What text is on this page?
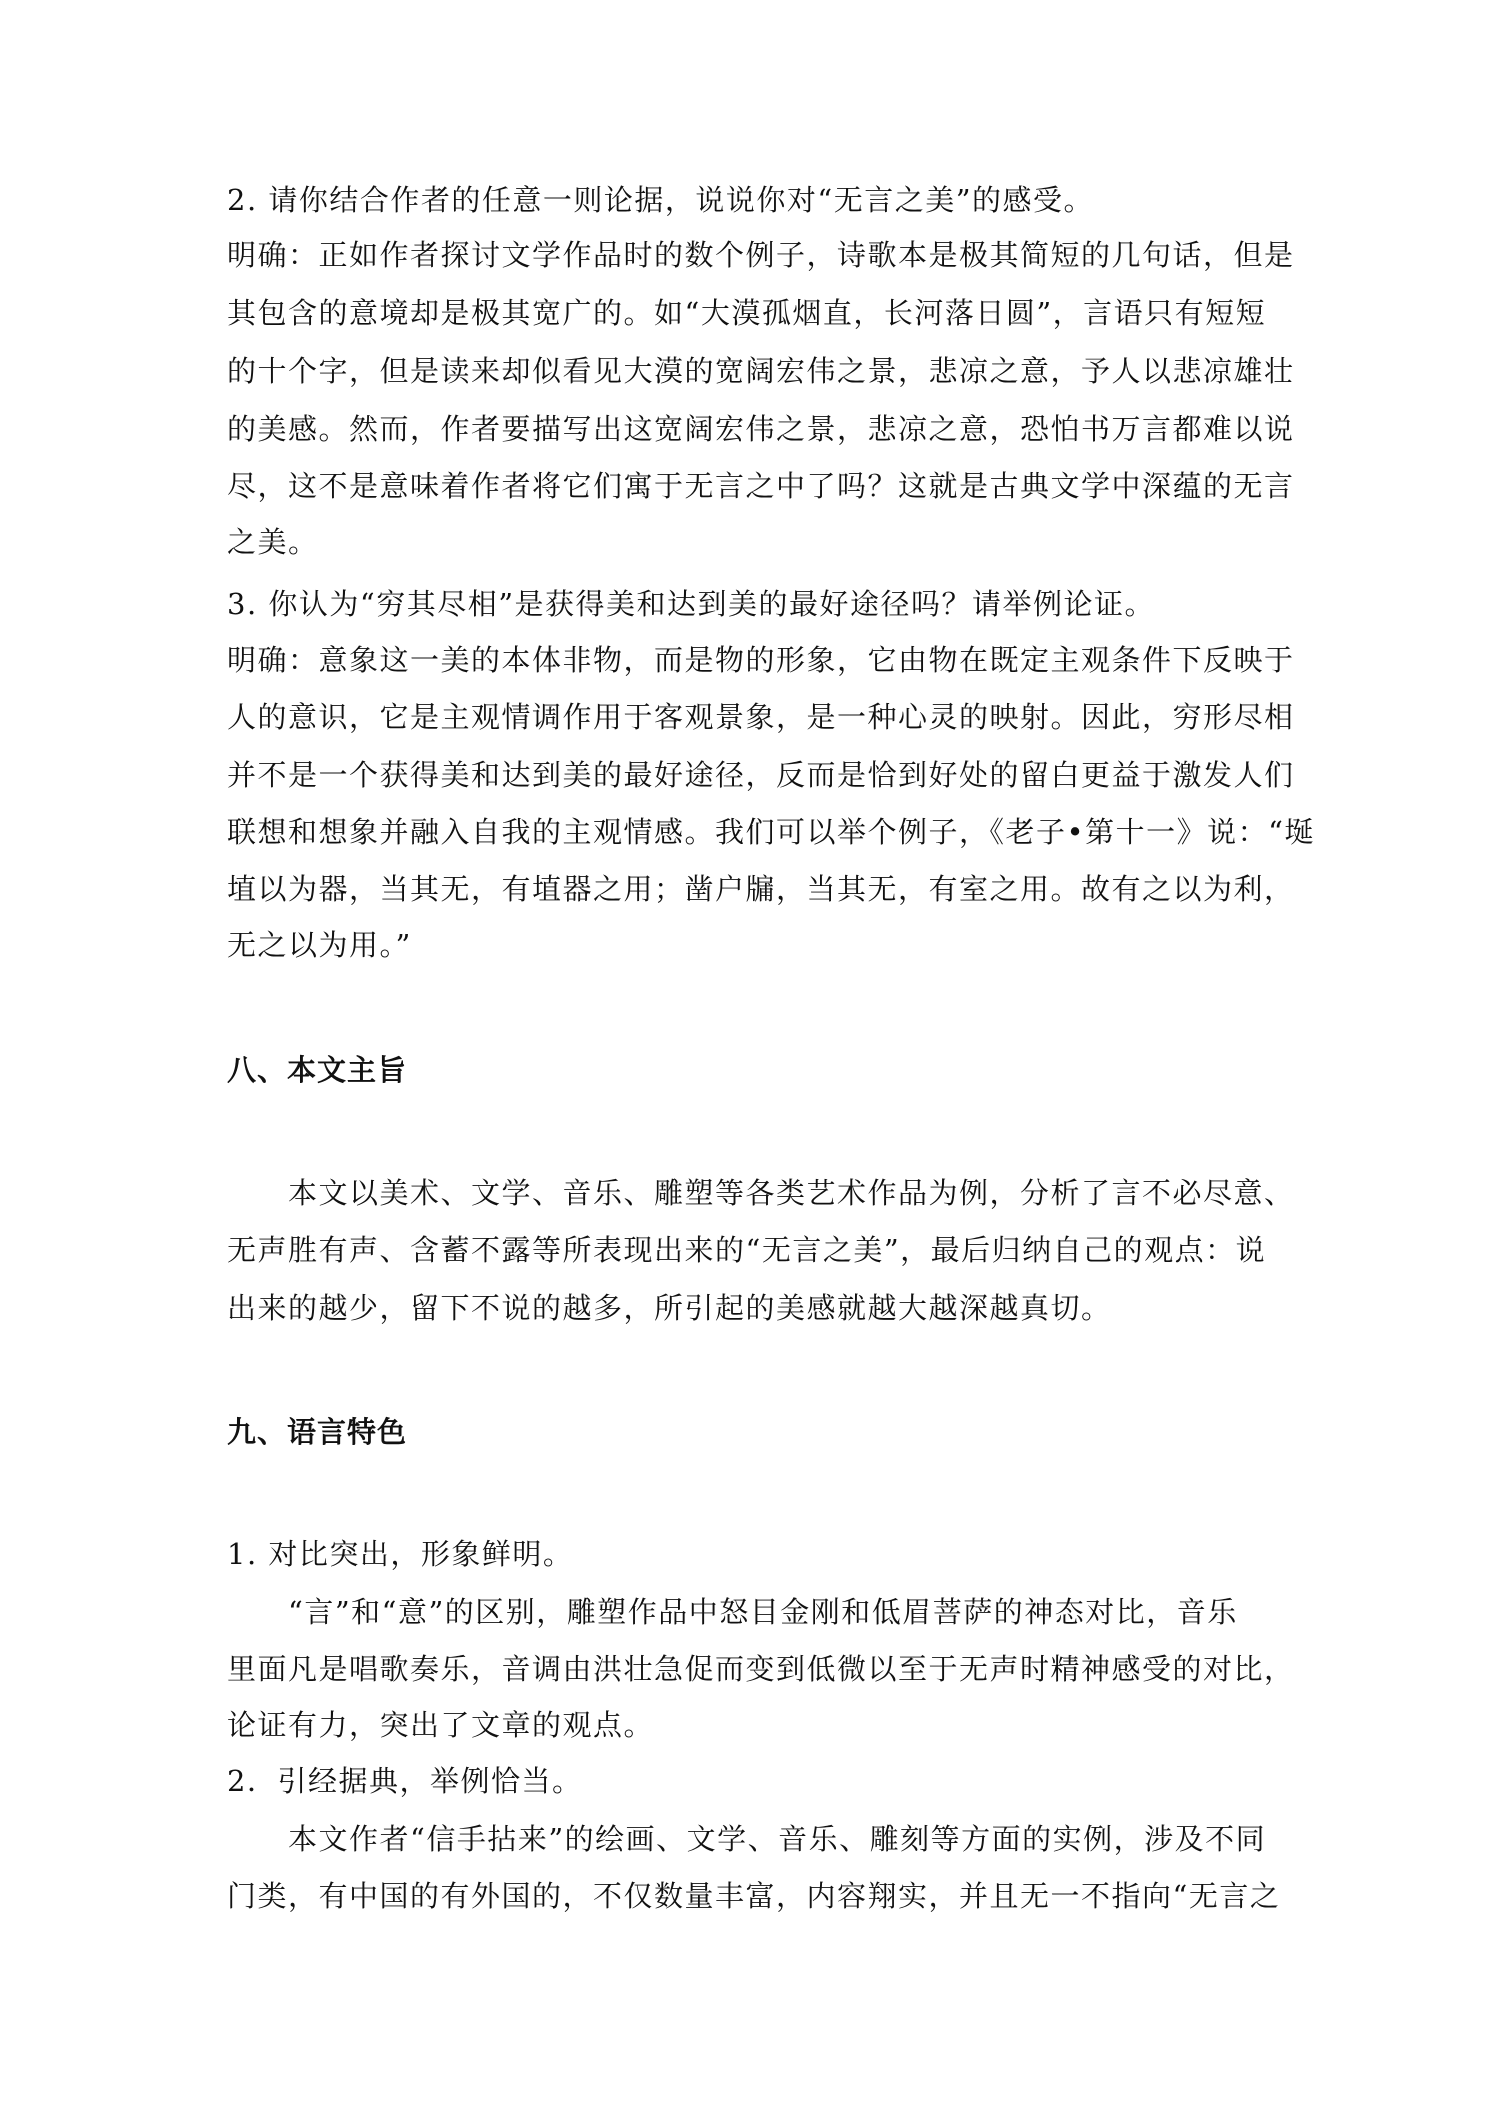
2. 请你结合作者的任意一则论据，说说你对“无言之美”的感受。
明确：正如作者探讨文学作品时的数个例子，诗歌本是极其简短的几句话，但是
其包含的意境却是极其宽广的。如“大漠孤烟直，长河落日圆”，言语只有短短
的十个字，但是读来却似看见大漠的宽阔宏伟之景，悲凉之意，予人以悲凉雄壮
的美感。然而，作者要描写出这宽阔宏伟之景，悲凉之意，恐怕书万言都难以说
尽，这不是意味着作者将它们寓于无言之中了吗？这就是古典文学中深蕴的无言
之美。
3. 你认为“穷其尽相”是获得美和达到美的最好途径吗？请举例论证。
明确：意象这一美的本体非物，而是物的形象，它由物在既定主观条件下反映于
人的意识，它是主观情调作用于客观景象，是一种心灵的映射。因此，穷形尽相
并不是一个获得美和达到美的最好途径，反而是恰到好处的留白更益于激发人们
联想和想象并融入自我的主观情感。我们可以举个例子，《老子•第十一》说：“埏
埴以为器，当其无，有埴器之用；凿户牖，当其无，有室之用。故有之以为利，
无之以为用。”
八、本文主旨
本文以美术、文学、音乐、雕塑等各类艺术作品为例，分析了言不必尽意、
无声胜有声、含蓄不露等所表现出来的“无言之美”，最后归纳自己的观点：说
出来的越少，留下不说的越多，所引起的美感就越大越深越真切。
九、语言特色
1. 对比突出，形象鲜明。
“言”和“意”的区别，雕塑作品中怒目金刚和低眉菩萨的神态对比，音乐
里面凡是唱歌奏乐，音调由洪壮急促而变到低微以至于无声时精神感受的对比，
论证有力，突出了文章的观点。
2．引经据典，举例恰当。
本文作者“信手拈来”的绘画、文学、音乐、雕刻等方面的实例，涉及不同
门类，有中国的有外国的，不仅数量丰富，内容翔实，并且无一不指向“无言之
